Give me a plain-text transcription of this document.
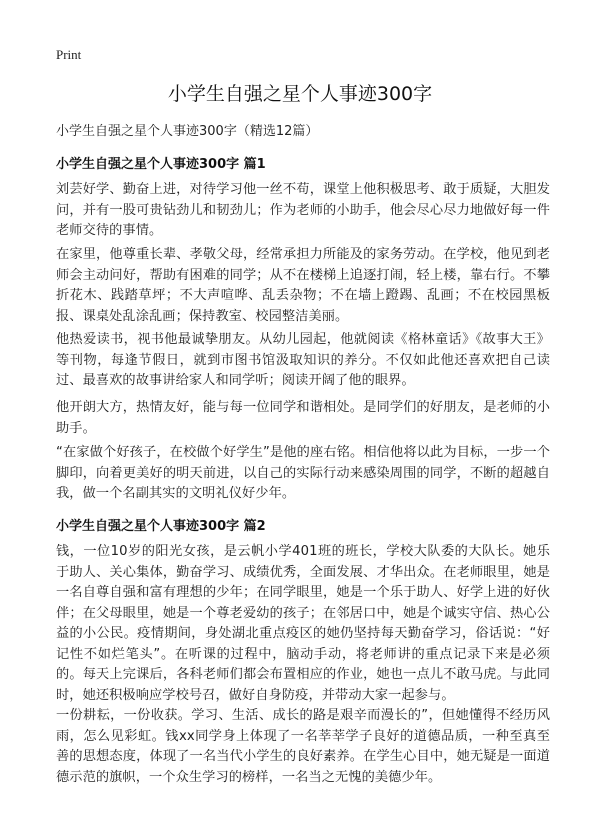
Print
小学生自强之星个人事迹300字

小学生自强之星个人事迹300字（精选12篇）

小学生自强之星个人事迹300字 篇1

刘芸好学、勤奋上进，对待学习他一丝不苟，课堂上他积极思考、敢于质疑，大胆发问，并有一股可贵钻劲儿和韧劲儿；作为老师的小助手，他会尽心尽力地做好每一件老师交待的事情。

在家里，他尊重长辈、孝敬父母，经常承担力所能及的家务劳动。在学校，他见到老师会主动问好，帮助有困难的同学；从不在楼梯上追逐打闹，轻上楼，靠右行。不攀折花木、践踏草坪；不大声喧哗、乱丢杂物；不在墙上蹬踢、乱画；不在校园黑板报、课桌处乱涂乱画；保持教室、校园整洁美丽。

他热爱读书，视书他最诚挚朋友。从幼儿园起，他就阅读《格林童话》《故事大王》等刊物，每逢节假日，就到市图书馆汲取知识的养分。不仅如此他还喜欢把自己读过、最喜欢的故事讲给家人和同学听；阅读开阔了他的眼界。

他开朗大方，热情友好，能与每一位同学和谐相处。是同学们的好朋友，是老师的小助手。

“在家做个好孩子，在校做个好学生”是他的座右铭。相信他将以此为目标，一步一个脚印，向着更美好的明天前进，以自己的实际行动来感染周围的同学，不断的超越自我，做一个名副其实的文明礼仪好少年。

小学生自强之星个人事迹300字 篇2

钱，一位10岁的阳光女孩，是云帆小学401班的班长，学校大队委的大队长。她乐于助人、关心集体，勤奋学习、成绩优秀，全面发展、才华出众。在老师眼里，她是一名自尊自强和富有理想的少年；在同学眼里，她是一个乐于助人、好学上进的好伙伴；在父母眼里，她是一个尊老爱幼的孩子；在邻居口中，她是个诚实守信、热心公益的小公民。疫情期间，身处湖北重点疫区的她仍坚持每天勤奋学习，俗话说：“好记性不如烂笔头”。在听课的过程中，脑动手动，将老师讲的重点记录下来是必须的。每天上完课后，各科老师们都会布置相应的作业，她也一点儿不敢马虎。与此同时，她还积极响应学校号召，做好自身防疫，并带动大家一起参与。

一份耕耘，一份收获。学习、生活、成长的路是艰辛而漫长的”，但她懂得不经历风雨，怎么见彩虹。钱xx同学身上体现了一名莘莘学子良好的道德品质，一种至真至善的思想态度，体现了一名当代小学生的良好素养。在学生心目中，她无疑是一面道德示范的旗帜，一个众生学习的榜样，一名当之无愧的美德少年。
